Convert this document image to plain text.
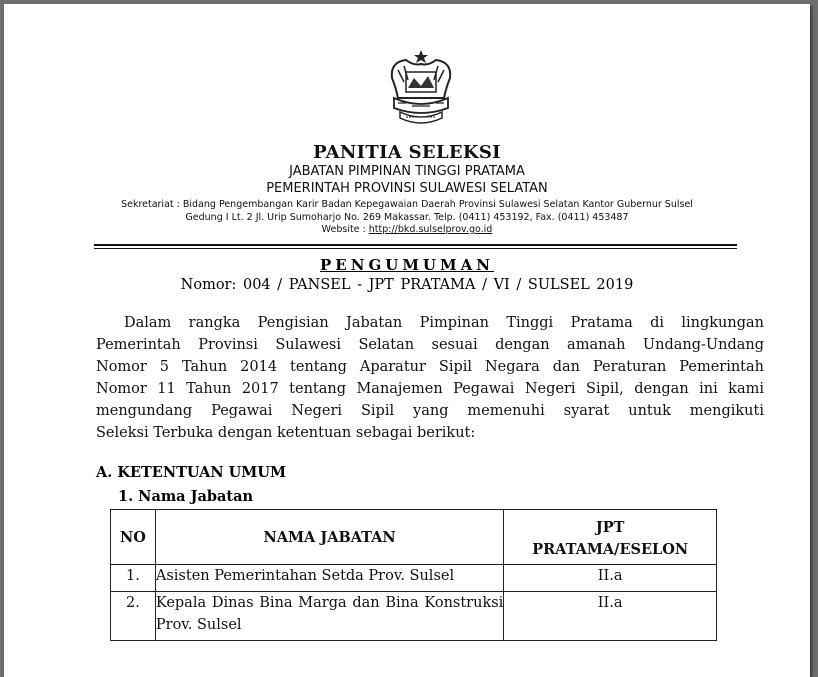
PANITIA SELEKSI
JABATAN PIMPINAN TINGGI PRATAMA
PEMERINTAH PROVINSI SULAWESI SELATAN
Sekretariat : Bidang Pengembangan Karir Badan Kepegawaian Daerah Provinsi Sulawesi Selatan Kantor Gubernur Sulsel
Gedung I Lt. 2 Jl. Urip Sumoharjo No. 269 Makassar. Telp. (0411) 453192, Fax. (0411) 453487
Website : http://bkd.sulselprov.go.id
PENGUMUMAN
Nomor: 004 / PANSEL - JPT PRATAMA / VI / SULSEL 2019
Dalam rangka Pengisian Jabatan Pimpinan Tinggi Pratama di lingkungan
Pemerintah Provinsi Sulawesi Selatan sesuai dengan amanah Undang-Undang
Nomor 5 Tahun 2014 tentang Aparatur Sipil Negara dan Peraturan Pemerintah
Nomor 11 Tahun 2017 tentang Manajemen Pegawai Negeri Sipil, dengan ini kami
mengundang Pegawai Negeri Sipil yang memenuhi syarat untuk mengikuti
Seleksi Terbuka dengan ketentuan sebagai berikut:
A. KETENTUAN UMUM
1. Nama Jabatan
NO	NAMA JABATAN	JPT
PRATAMA/ESELON

1.	Asisten Pemerintahan Setda Prov. Sulsel	II.a
2.	Kepala Dinas Bina Marga dan Bina Konstruksi Prov. Sulsel	II.a
